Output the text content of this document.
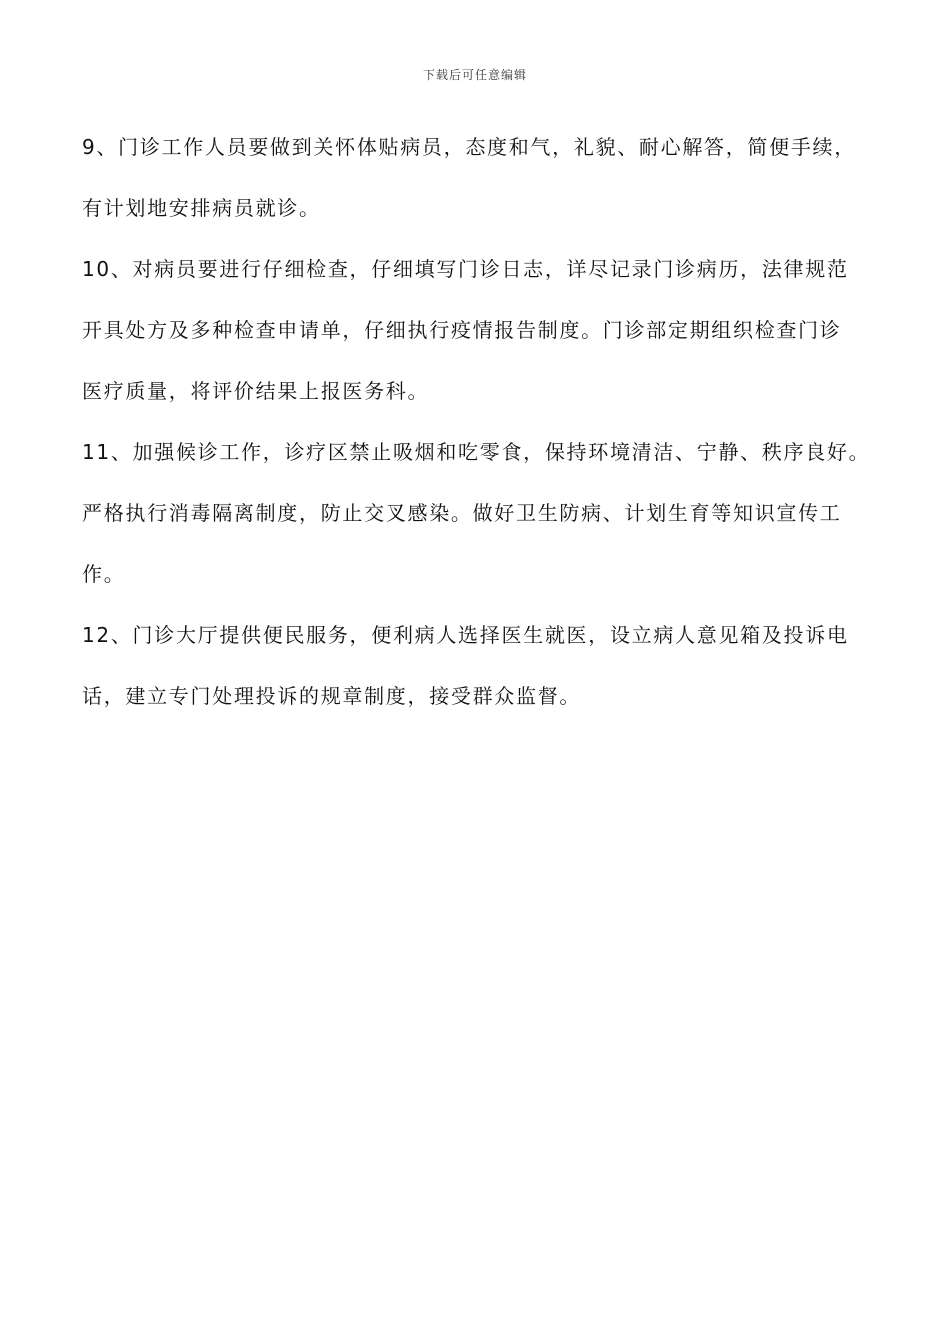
下载后可任意编辑
9、门诊工作人员要做到关怀体贴病员，态度和气，礼貌、耐心解答，简便手续，
有计划地安排病员就诊。
10、对病员要进行仔细检查，仔细填写门诊日志，详尽记录门诊病历，法律规范
开具处方及多种检查申请单，仔细执行疫情报告制度。门诊部定期组织检查门诊
医疗质量，将评价结果上报医务科。
11、加强候诊工作，诊疗区禁止吸烟和吃零食，保持环境清洁、宁静、秩序良好。
严格执行消毒隔离制度，防止交叉感染。做好卫生防病、计划生育等知识宣传工
作。
12、门诊大厅提供便民服务，便利病人选择医生就医，设立病人意见箱及投诉电
话，建立专门处理投诉的规章制度，接受群众监督。
